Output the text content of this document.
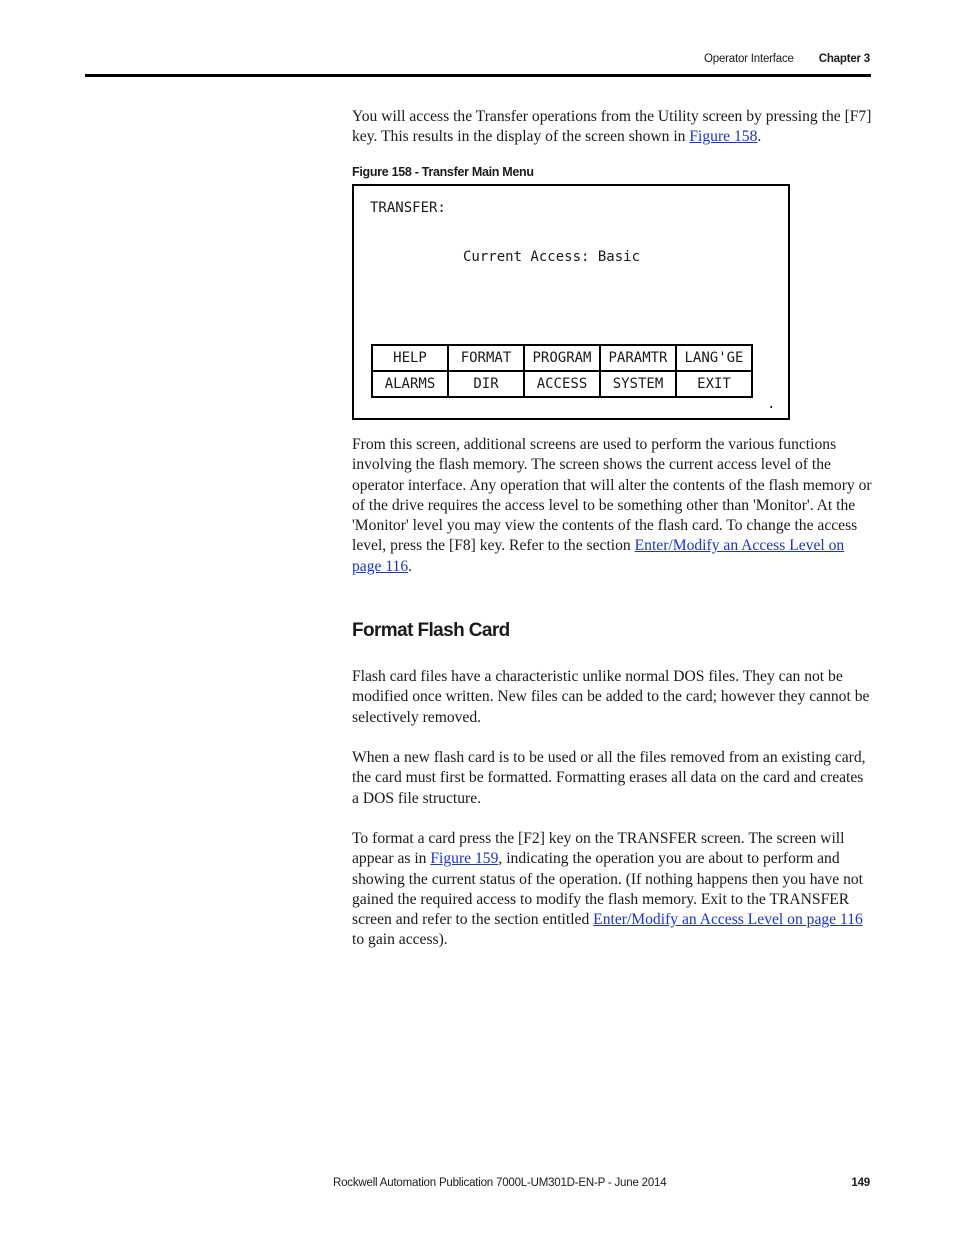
Operator Interface Chapter 3

You will access the Transfer operations from the Utility screen by pressing the [F7] key. This results in the display of the screen shown in Figure 158.

Figure 158 - Transfer Main Menu
TRANSFER:
Current Access: Basic
HELP	FORMAT	PROGRAM	PARAMTR	LANG'GE
ALARMS	DIR	ACCESS	SYSTEM	EXIT
.

From this screen, additional screens are used to perform the various functions involving the flash memory. The screen shows the current access level of the operator interface. Any operation that will alter the contents of the flash memory or of the drive requires the access level to be something other than 'Monitor'. At the 'Monitor' level you may view the contents of the flash card. To change the access level, press the [F8] key. Refer to the section Enter/Modify an Access Level on page 116.

Format Flash Card

Flash card files have a characteristic unlike normal DOS files. They can not be modified once written. New files can be added to the card; however they cannot be selectively removed.

When a new flash card is to be used or all the files removed from an existing card, the card must first be formatted. Formatting erases all data on the card and creates a DOS file structure.

To format a card press the [F2] key on the TRANSFER screen. The screen will appear as in Figure 159, indicating the operation you are about to perform and showing the current status of the operation. (If nothing happens then you have not gained the required access to modify the flash memory. Exit to the TRANSFER screen and refer to the section entitled Enter/Modify an Access Level on page 116 to gain access).

Rockwell Automation Publication 7000L-UM301D-EN-P - June 2014	149
